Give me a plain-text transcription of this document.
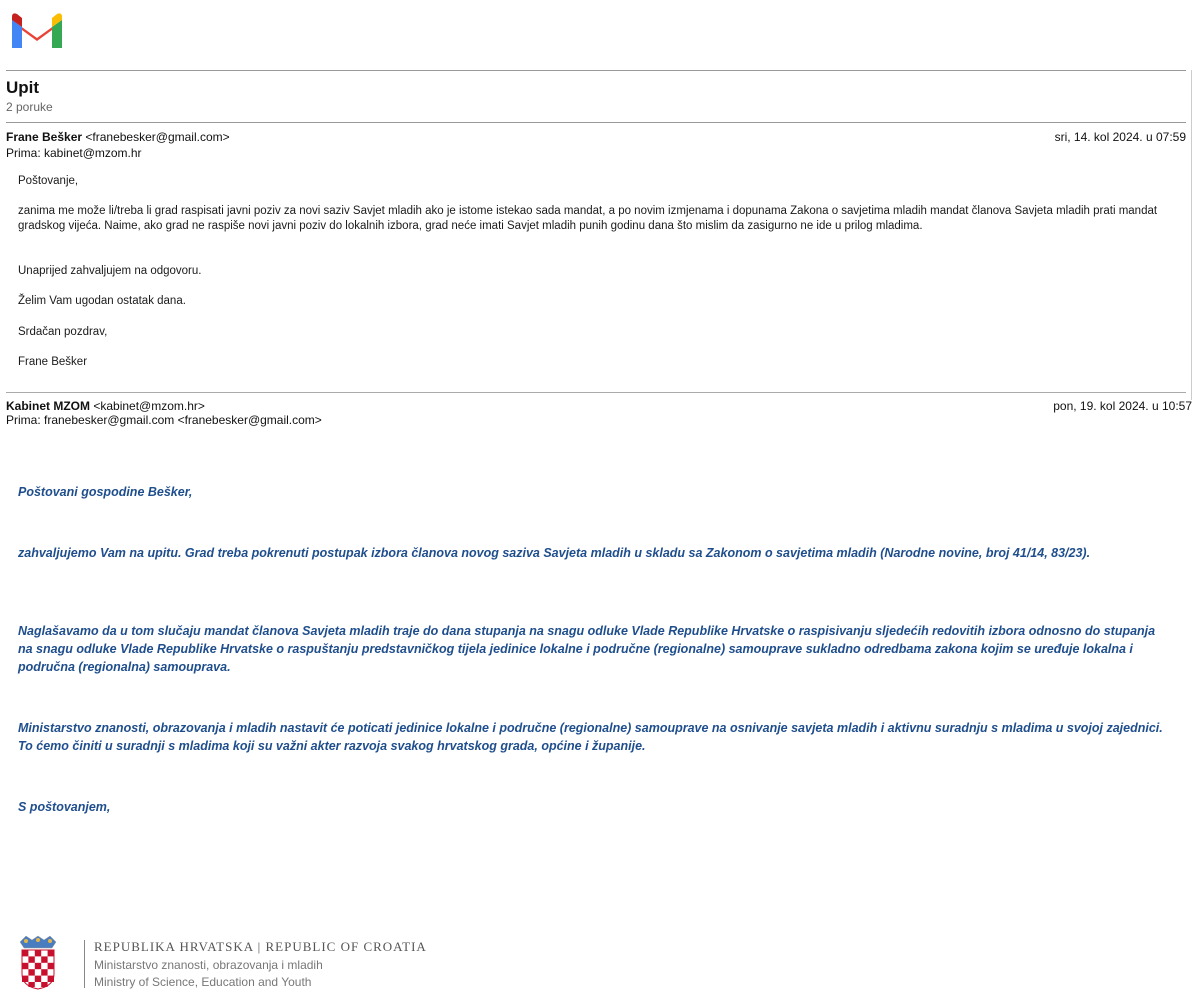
Upit
2 poruke
Frane Bešker <franebesker@gmail.com>
Prima: kabinet@mzom.hr
sri, 14. kol 2024. u 07:59

Poštovanje,

zanima me može li/treba li grad raspisati javni poziv za novi saziv Savjet mladih ako je istome istekao sada mandat, a po novim izmjenama i dopunama Zakona o savjetima mladih mandat članova Savjeta mladih prati mandat gradskog vijeća. Naime, ako grad ne raspiše novi javni poziv do lokalnih izbora, grad neće imati Savjet mladih punih godinu dana što mislim da zasigurno ne ide u prilog mladima.

Unaprijed zahvaljujem na odgovoru.

Želim Vam ugodan ostatak dana.

Srdačan pozdrav,

Frane Bešker

Kabinet MZOM <kabinet@mzom.hr>
Prima: franebesker@gmail.com <franebesker@gmail.com>
pon, 19. kol 2024. u 10:57

Poštovani gospodine Bešker,

zahvaljujemo Vam na upitu. Grad treba pokrenuti postupak izbora članova novog saziva Savjeta mladih u skladu sa Zakonom o savjetima mladih (Narodne novine, broj 41/14, 83/23).

Naglašavamo da u tom slučaju mandat članova Savjeta mladih traje do dana stupanja na snagu odluke Vlade Republike Hrvatske o raspisivanju sljedećih redovitih izbora odnosno do stupanja na snagu odluke Vlade Republike Hrvatske o raspuštanju predstavničkog tijela jedinice lokalne i područne (regionalne) samouprave sukladno odredbama zakona kojim se uređuje lokalna i područna (regionalna) samouprava.

Ministarstvo znanosti, obrazovanja i mladih nastavit će poticati jedinice lokalne i područne (regionalne) samouprave na osnivanje savjeta mladih i aktivnu suradnju s mladima u svojoj zajednici. To ćemo činiti u suradnji s mladima koji su važni akter razvoja svakog hrvatskog grada, općine i županije.

S poštovanjem,

REPUBLIKA HRVATSKA | REPUBLIC OF CROATIA
Ministarstvo znanosti, obrazovanja i mladih
Ministry of Science, Education and Youth
